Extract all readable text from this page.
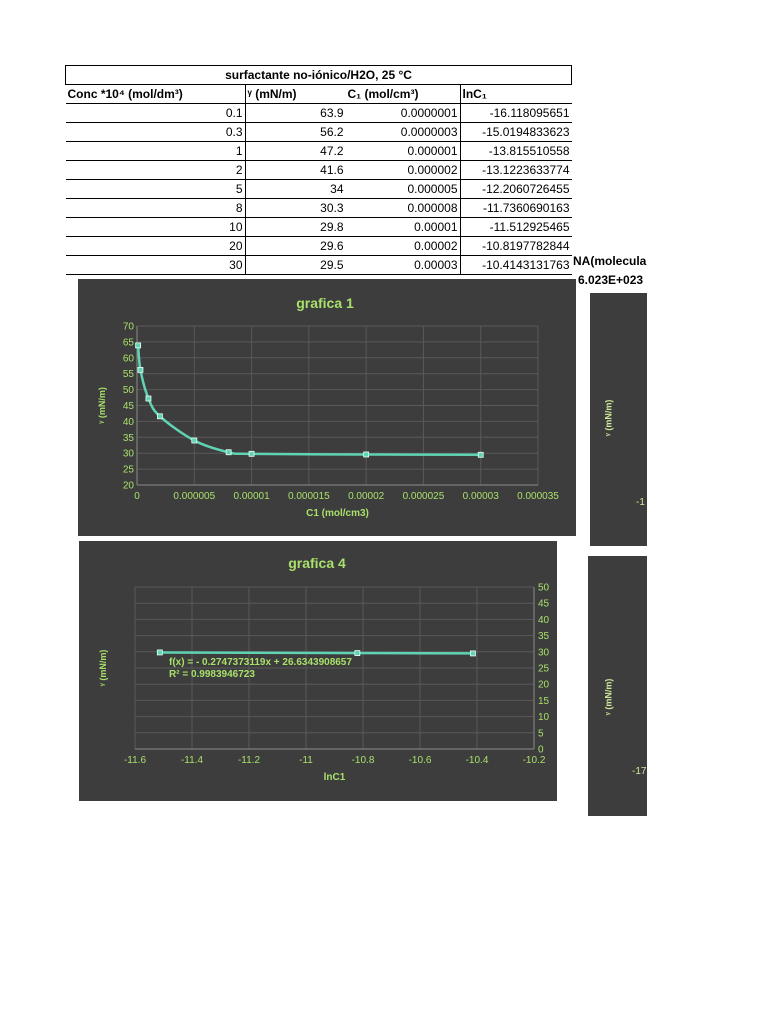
surfactante no-iónico/H2O, 25 °C			
Conc *10⁴ (mol/dm³)	ᵞ (mN/m)	C₁ (mol/cm³)	lnC₁
0.1	63.9	0.0000001	-16.118095651
0.3	56.2	0.0000003	-15.0194833623
1	47.2	0.000001	-13.815510558
2	41.6	0.000002	-13.1223633774
5	34	0.000005	-12.2060726455
8	30.3	0.000008	-11.7360690163
10	29.8	0.00001	-11.512925465
20	29.6	0.00002	-10.8197782844
30	29.5	0.00003	-10.4143131763 NA(molecula
6.023E+023
grafica 1
20
25
30
35
40
45
50
55
60
65
70
0	0.000005 0.00001 0.000015 0.00002 0.000025 0.00003 0.000035
C1 (mol/cm3)
ᵞ (mN/m)
grafica 4
0
5
10
15
20
25
30
35
40
45
50
-11.6	-11.4	-11.2	-11	-10.8	-10.6	-10.4	-10.2
lnC1
ᵞ (mN/m)	f(x) = - 0.2747373119x + 26.6343908657
R² = 0.9983946723
ᵞ (mN/m)
-1
ᵞ (mN/m)
-17
